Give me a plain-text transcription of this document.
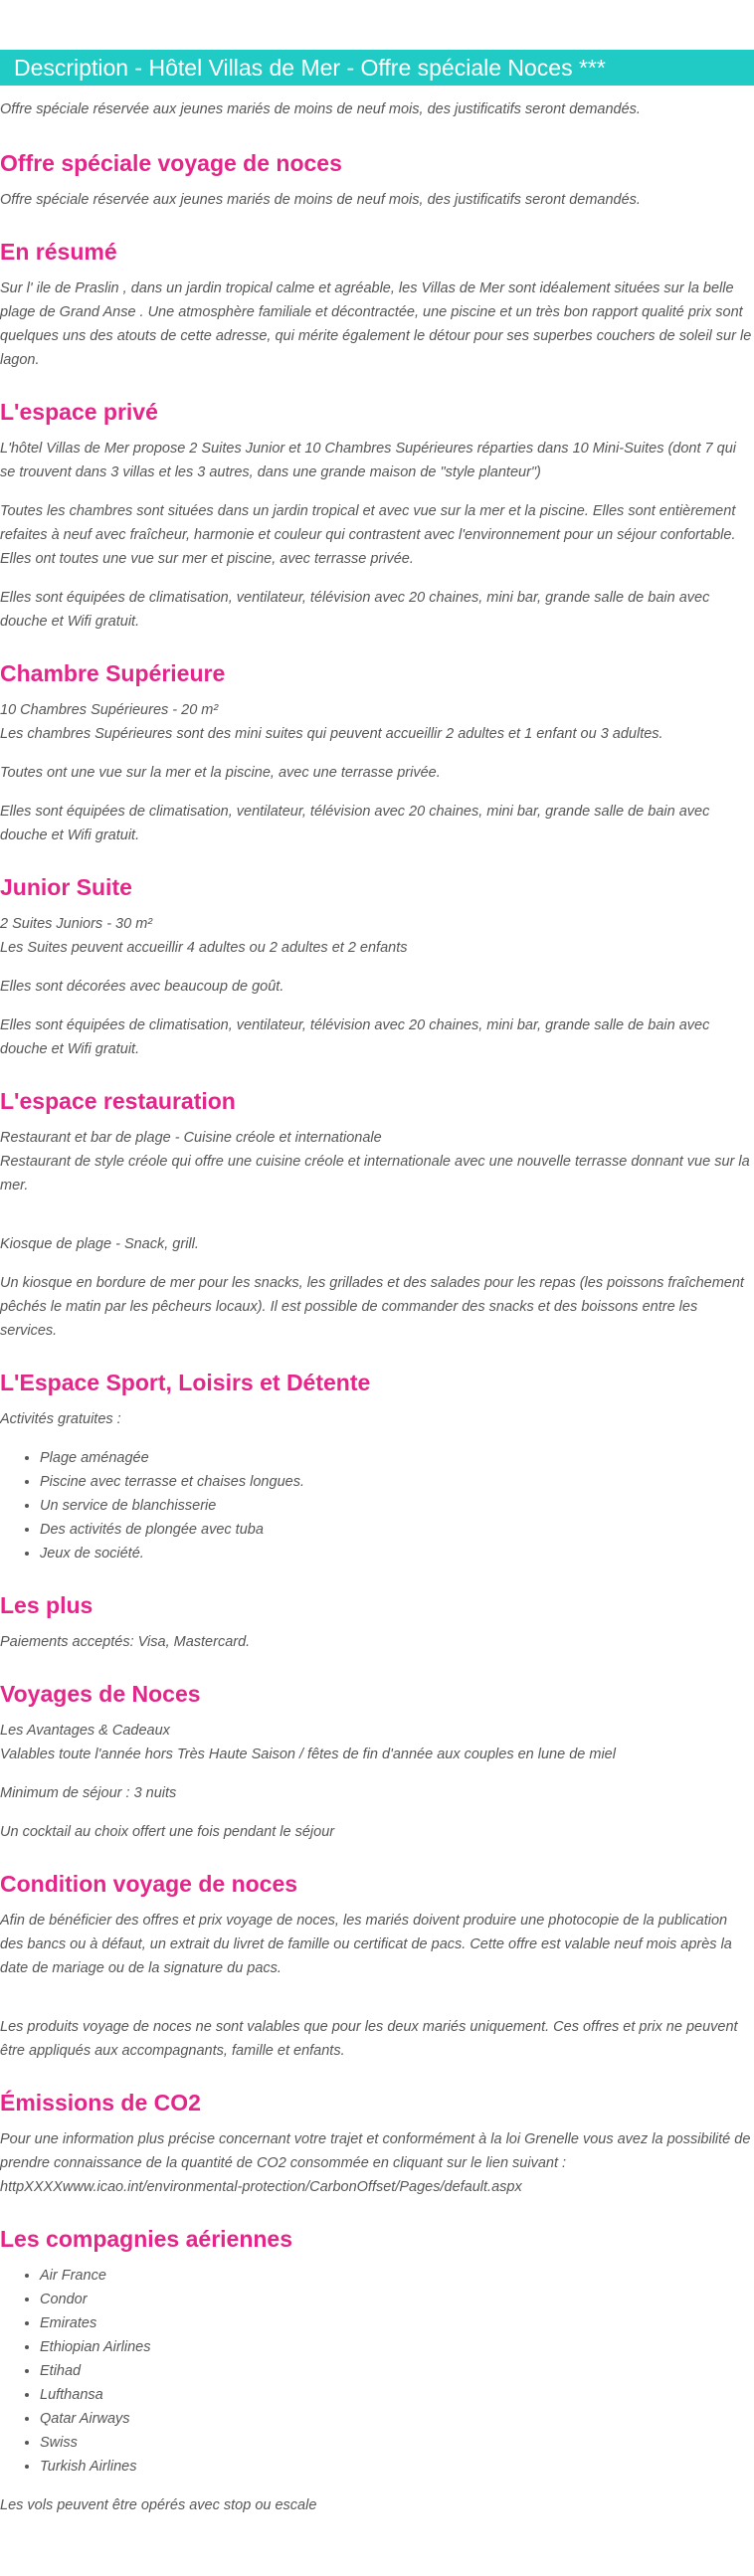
Description - Hôtel Villas de Mer - Offre spéciale Noces ***

Offre spéciale réservée aux jeunes mariés de moins de neuf mois, des justificatifs seront demandés.

Offre spéciale voyage de noces

Offre spéciale réservée aux jeunes mariés de moins de neuf mois, des justificatifs seront demandés.

En résumé

Sur l' ile de Praslin , dans un jardin tropical calme et agréable, les Villas de Mer sont idéalement situées sur la belle plage de Grand Anse . Une atmosphère familiale et décontractée, une piscine et un très bon rapport qualité prix sont quelques uns des atouts de cette adresse, qui mérite également le détour pour ses superbes couchers de soleil sur le lagon.

L'espace privé

L'hôtel Villas de Mer propose 2 Suites Junior et 10 Chambres Supérieures réparties dans 10 Mini-Suites (dont 7 qui se trouvent dans 3 villas et les 3 autres, dans une grande maison de "style planteur")

Toutes les chambres sont situées dans un jardin tropical et avec vue sur la mer et la piscine. Elles sont entièrement refaites à neuf avec fraîcheur, harmonie et couleur qui contrastent avec l'environnement pour un séjour confortable. Elles ont toutes une vue sur mer et piscine, avec terrasse privée.

Elles sont équipées de climatisation, ventilateur, télévision avec 20 chaines, mini bar, grande salle de bain avec douche et Wifi gratuit.

Chambre Supérieure

10 Chambres Supérieures - 20 m²
Les chambres Supérieures sont des mini suites qui peuvent accueillir 2 adultes et 1 enfant ou 3 adultes.

Toutes ont une vue sur la mer et la piscine, avec une terrasse privée.

Elles sont équipées de climatisation, ventilateur, télévision avec 20 chaines, mini bar, grande salle de bain avec douche et Wifi gratuit.

Junior Suite

2 Suites Juniors - 30 m²
Les Suites peuvent accueillir 4 adultes ou 2 adultes et 2 enfants

Elles sont décorées avec beaucoup de goût.

Elles sont équipées de climatisation, ventilateur, télévision avec 20 chaines, mini bar, grande salle de bain avec douche et Wifi gratuit.

L'espace restauration

Restaurant et bar de plage - Cuisine créole et internationale
Restaurant de style créole qui offre une cuisine créole et internationale avec une nouvelle terrasse donnant vue sur la mer.

Kiosque de plage - Snack, grill.

Un kiosque en bordure de mer pour les snacks, les grillades et des salades pour les repas (les poissons fraîchement pêchés le matin par les pêcheurs locaux). Il est possible de commander des snacks et des boissons entre les services.

L'Espace Sport, Loisirs et Détente

Activités gratuites :

• Plage aménagée
• Piscine avec terrasse et chaises longues.
• Un service de blanchisserie
• Des activités de plongée avec tuba
• Jeux de société.
Les plus

Paiements acceptés: Visa, Mastercard.

Voyages de Noces

Les Avantages & Cadeaux
Valables toute l'année hors Très Haute Saison / fêtes de fin d'année aux couples en lune de miel

Minimum de séjour : 3 nuits

Un cocktail au choix offert une fois pendant le séjour

Condition voyage de noces

Afin de bénéficier des offres et prix voyage de noces, les mariés doivent produire une photocopie de la publication des bancs ou à défaut, un extrait du livret de famille ou certificat de pacs. Cette offre est valable neuf mois après la date de mariage ou de la signature du pacs.

Les produits voyage de noces ne sont valables que pour les deux mariés uniquement. Ces offres et prix ne peuvent être appliqués aux accompagnants, famille et enfants.

Émissions de CO2

Pour une information plus précise concernant votre trajet et conformément à la loi Grenelle vous avez la possibilité de prendre connaissance de la quantité de CO2 consommée en cliquant sur le lien suivant :
httpXXXXwww.icao.int/environmental-protection/CarbonOffset/Pages/default.aspx

Les compagnies aériennes
• Air France
• Condor
• Emirates
• Ethiopian Airlines
• Etihad
• Lufthansa
• Qatar Airways
• Swiss
• Turkish Airlines

Les vols peuvent être opérés avec stop ou escale
